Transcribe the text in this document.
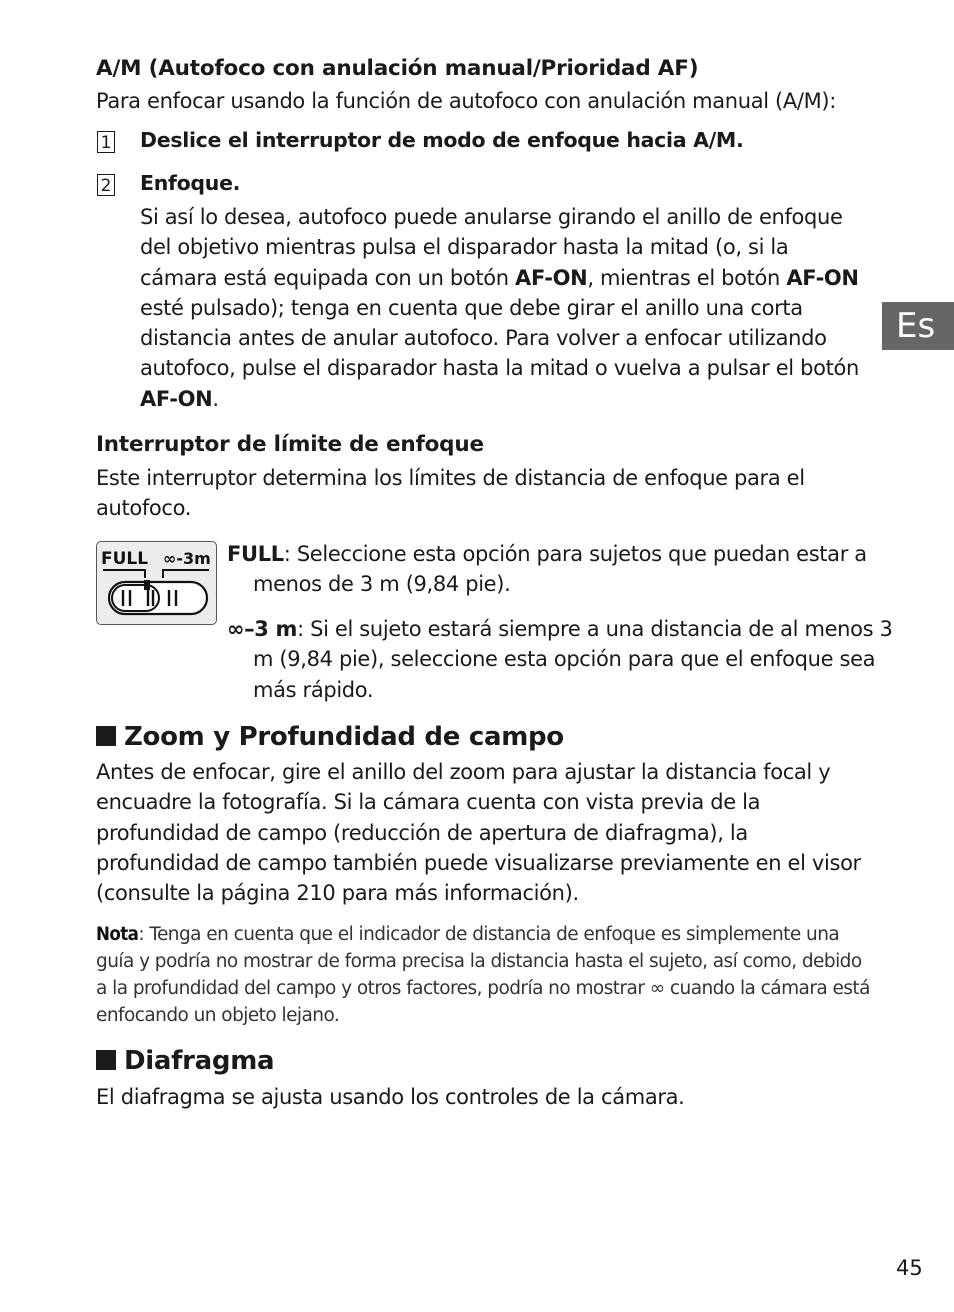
Es
A/M (Autofoco con anulación manual/Prioridad AF)
Para enfocar usando la función de autofoco con anulación manual (A/M):
1 Deslice el interruptor de modo de enfoque hacia A/M.
2 Enfoque.
Si así lo desea, autofoco puede anularse girando el anillo de enfoque del objetivo mientras pulsa el disparador hasta la mitad (o, si la cámara está equipada con un botón AF-ON, mientras el botón AF-ON esté pulsado); tenga en cuenta que debe girar el anillo una corta distancia antes de anular autofoco. Para volver a enfocar utilizando autofoco, pulse el disparador hasta la mitad o vuelva a pulsar el botón AF-ON.
Interruptor de límite de enfoque
Este interruptor determina los límites de distancia de enfoque para el autofoco.
FULL ∞-3m FULL: Seleccione esta opción para sujetos que puedan estar a menos de 3 m (9,84 pie).
∞–3 m: Si el sujeto estará siempre a una distancia de al menos 3 m (9,84 pie), seleccione esta opción para que el enfoque sea más rápido.
Zoom y Profundidad de campo
Antes de enfocar, gire el anillo del zoom para ajustar la distancia focal y encuadre la fotografía. Si la cámara cuenta con vista previa de la profundidad de campo (reducción de apertura de diafragma), la profundidad de campo también puede visualizarse previamente en el visor (consulte la página 210 para más información).
Nota: Tenga en cuenta que el indicador de distancia de enfoque es simplemente una guía y podría no mostrar de forma precisa la distancia hasta el sujeto, así como, debido a la profundidad del campo y otros factores, podría no mostrar ∞ cuando la cámara está enfocando un objeto lejano.
Diafragma
El diafragma se ajusta usando los controles de la cámara.
45
